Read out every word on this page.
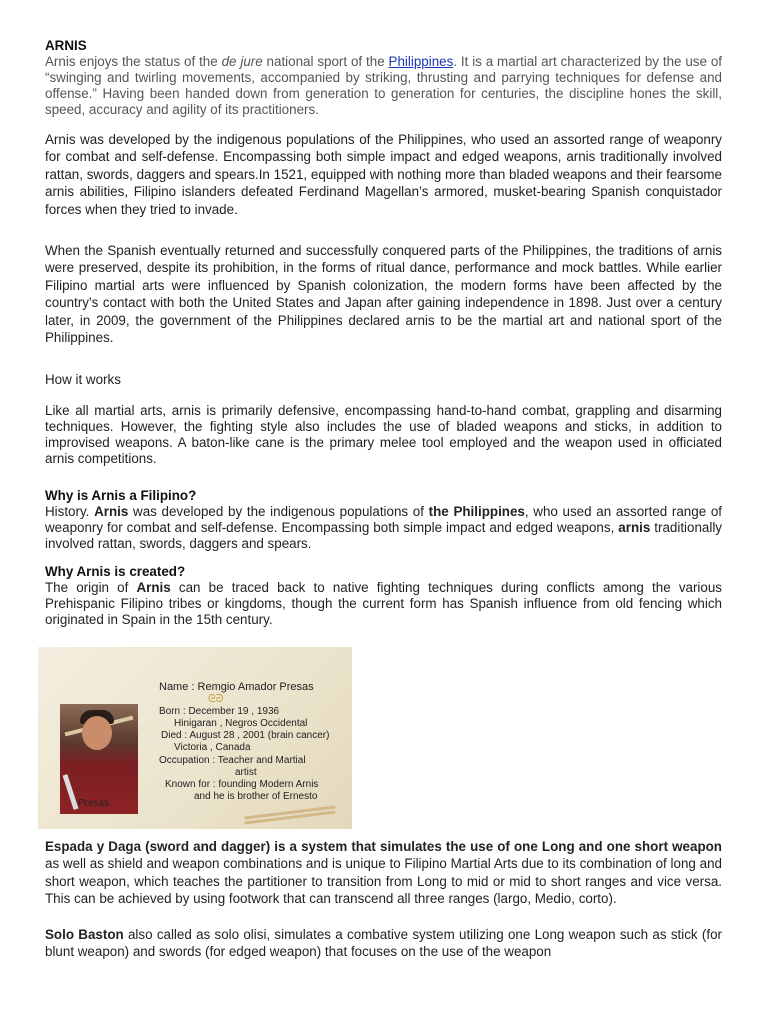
ARNIS

Arnis enjoys the status of the de jure national sport of the Philippines. It is a martial art characterized by the use of “swinging and twirling movements, accompanied by striking, thrusting and parrying techniques for defense and offense.” Having been handed down from generation to generation for centuries, the discipline hones the skill, speed, accuracy and agility of its practitioners.

Arnis was developed by the indigenous populations of the Philippines, who used an assorted range of weaponry for combat and self-defense. Encompassing both simple impact and edged weapons, arnis traditionally involved rattan, swords, daggers and spears.In 1521, equipped with nothing more than bladed weapons and their fearsome arnis abilities, Filipino islanders defeated Ferdinand Magellan’s armored, musket-bearing Spanish conquistador forces when they tried to invade.

When the Spanish eventually returned and successfully conquered parts of the Philippines, the traditions of arnis were preserved, despite its prohibition, in the forms of ritual dance, performance and mock battles. While earlier Filipino martial arts were influenced by Spanish colonization, the modern forms have been affected by the country’s contact with both the United States and Japan after gaining independence in 1898. Just over a century later, in 2009, the government of the Philippines declared arnis to be the martial art and national sport of the Philippines.

How it works

Like all martial arts, arnis is primarily defensive, encompassing hand-to-hand combat, grappling and disarming techniques. However, the fighting style also includes the use of bladed weapons and sticks, in addition to improvised weapons. A baton-like cane is the primary melee tool employed and the weapon used in officiated arnis competitions.

Why is Arnis a Filipino?

History. Arnis was developed by the indigenous populations of the Philippines, who used an assorted range of weaponry for combat and self-defense. Encompassing both simple impact and edged weapons, arnis traditionally involved rattan, swords, daggers and spears.

Why Arnis is created?

The origin of Arnis can be traced back to native fighting techniques during conflicts among the various Prehispanic Filipino tribes or kingdoms, though the current form has Spanish influence from old fencing which originated in Spain in the 15th century.

Name : Remgio Amador Presas
ᘓᘒ
Born : December 19 , 1936
Hinigaran , Negros Occidental
Died : August 28 , 2001 (brain cancer)
Victoria , Canada
Occupation : Teacher and Martial
artist
Known for : founding Modern Arnis
and he is brother of Ernesto
Presas

Espada y Daga (sword and dagger) is a system that simulates the use of one Long and one short weapon as well as shield and weapon combinations and is unique to Filipino Martial Arts due to its combination of long and short weapon, which teaches the partitioner to transition from Long to mid or mid to short ranges and vice versa. This can be achieved by using footwork that can transcend all three ranges (largo, Medio, corto).

Solo Baston also called as solo olisi, simulates a combative system utilizing one Long weapon such as stick (for blunt weapon) and swords (for edged weapon) that focuses on the use of the weapon
